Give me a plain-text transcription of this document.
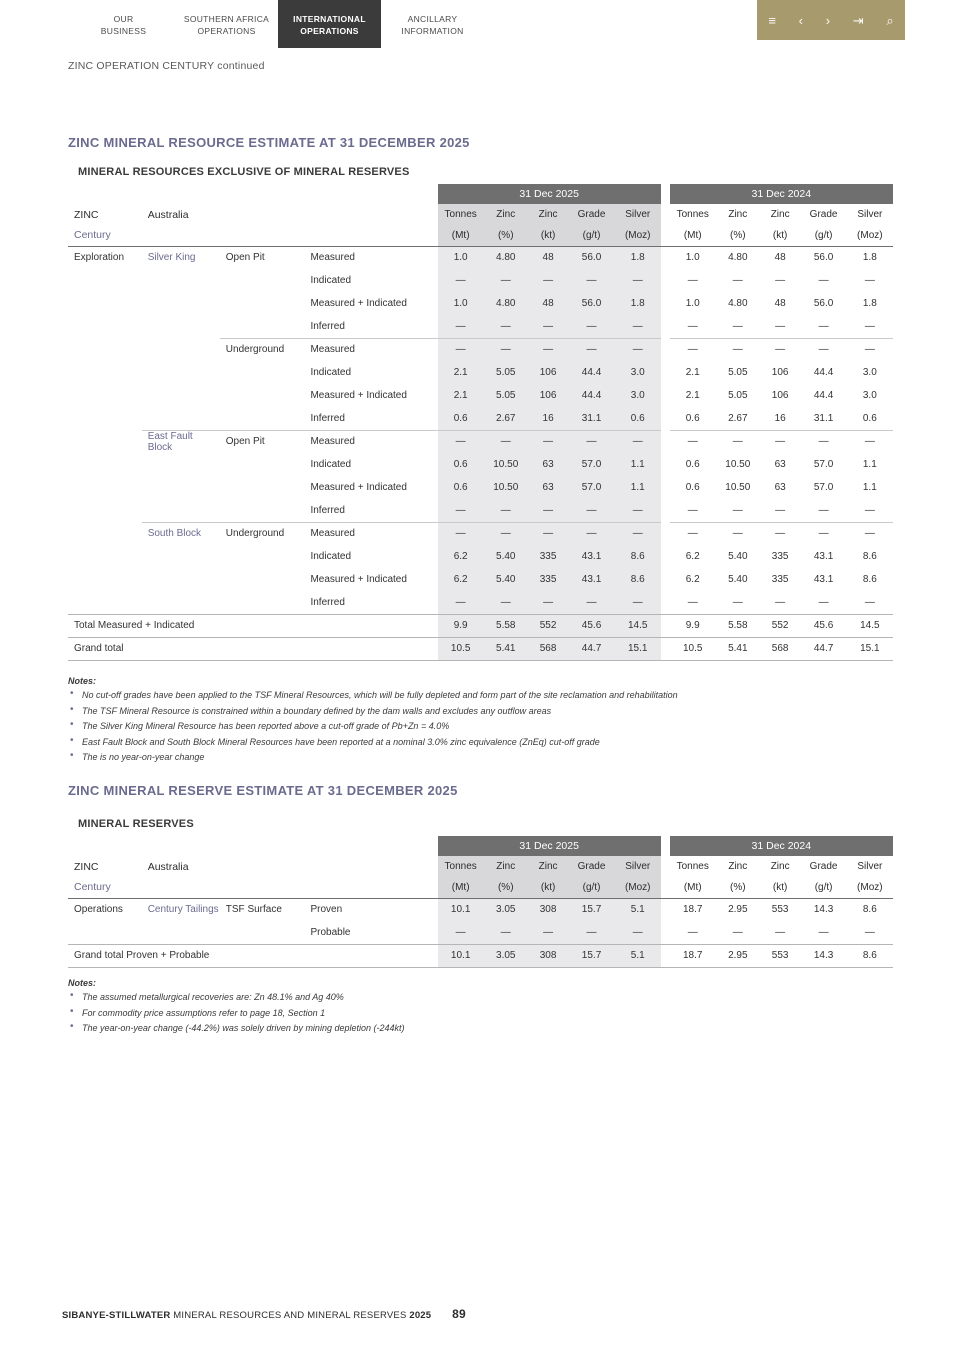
OUR
BUSINESS
SOUTHERN AFRICA
OPERATIONS
INTERNATIONAL
OPERATIONS
ANCILLARY
INFORMATION
≡ ‹ › ⇥ ⌕
ZINC OPERATION CENTURY continued
ZINC MINERAL RESOURCE ESTIMATE AT 31 DECEMBER 2025
MINERAL RESOURCES EXCLUSIVE OF MINERAL RESERVES
				31 Dec 2025						31 Dec 2024				
ZINC	Australia			Tonnes	Zinc	Zinc	Grade	Silver		Tonnes	Zinc	Zinc	Grade	Silver
Century				(Mt)	(%)	(kt)	(g/t)	(Moz)		(Mt)	(%)	(kt)	(g/t)	(Moz)
Exploration	Silver King	Open Pit	Measured	1.0	4.80	48	56.0	1.8		1.0	4.80	48	56.0	1.8
			Indicated	—	—	—	—	—		—	—	—	—	—
			Measured + Indicated	1.0	4.80	48	56.0	1.8		1.0	4.80	48	56.0	1.8
			Inferred	—	—	—	—	—		—	—	—	—	—
		Underground	Measured	—	—	—	—	—		—	—	—	—	—
			Indicated	2.1	5.05	106	44.4	3.0		2.1	5.05	106	44.4	3.0
			Measured + Indicated	2.1	5.05	106	44.4	3.0		2.1	5.05	106	44.4	3.0
			Inferred	0.6	2.67	16	31.1	0.6		0.6	2.67	16	31.1	0.6
	East Fault Block	Open Pit	Measured	—	—	—	—	—		—	—	—	—	—
			Indicated	0.6	10.50	63	57.0	1.1		0.6	10.50	63	57.0	1.1
			Measured + Indicated	0.6	10.50	63	57.0	1.1		0.6	10.50	63	57.0	1.1
			Inferred	—	—	—	—	—		—	—	—	—	—
	South Block	Underground	Measured	—	—	—	—	—		—	—	—	—	—
			Indicated	6.2	5.40	335	43.1	8.6		6.2	5.40	335	43.1	8.6
			Measured + Indicated	6.2	5.40	335	43.1	8.6		6.2	5.40	335	43.1	8.6
			Inferred	—	—	—	—	—		—	—	—	—	—
Total Measured + Indicated				9.9	5.58	552	45.6	14.5		9.9	5.58	552	45.6	14.5
Grand total				10.5	5.41	568	44.7	15.1		10.5	5.41	568	44.7	15.1
Notes:
• No cut-off grades have been applied to the TSF Mineral Resources, which will be fully depleted and form part of the site reclamation and rehabilitation
• The TSF Mineral Resource is constrained within a boundary defined by the dam walls and excludes any outflow areas
• The Silver King Mineral Resource has been reported above a cut-off grade of Pb+Zn = 4.0%
• East Fault Block and South Block Mineral Resources have been reported at a nominal 3.0% zinc equivalence (ZnEq) cut-off grade
• The is no year-on-year change
ZINC MINERAL RESERVE ESTIMATE AT 31 DECEMBER 2025
MINERAL RESERVES
				31 Dec 2025						31 Dec 2024				
ZINC	Australia			Tonnes	Zinc	Zinc	Grade	Silver		Tonnes	Zinc	Zinc	Grade	Silver
Century				(Mt)	(%)	(kt)	(g/t)	(Moz)		(Mt)	(%)	(kt)	(g/t)	(Moz)
Operations	Century Tailings	TSF Surface	Proven	10.1	3.05	308	15.7	5.1		18.7	2.95	553	14.3	8.6
			Probable	—	—	—	—	—		—	—	—	—	—
Grand total Proven + Probable				10.1	3.05	308	15.7	5.1		18.7	2.95	553	14.3	8.6
Notes:
• The assumed metallurgical recoveries are: Zn 48.1% and Ag 40%
• For commodity price assumptions refer to page 18, Section 1
• The year-on-year change (-44.2%) was solely driven by mining depletion (-244kt)
SIBANYE-STILLWATER MINERAL RESOURCES AND MINERAL RESERVES 2025 89
